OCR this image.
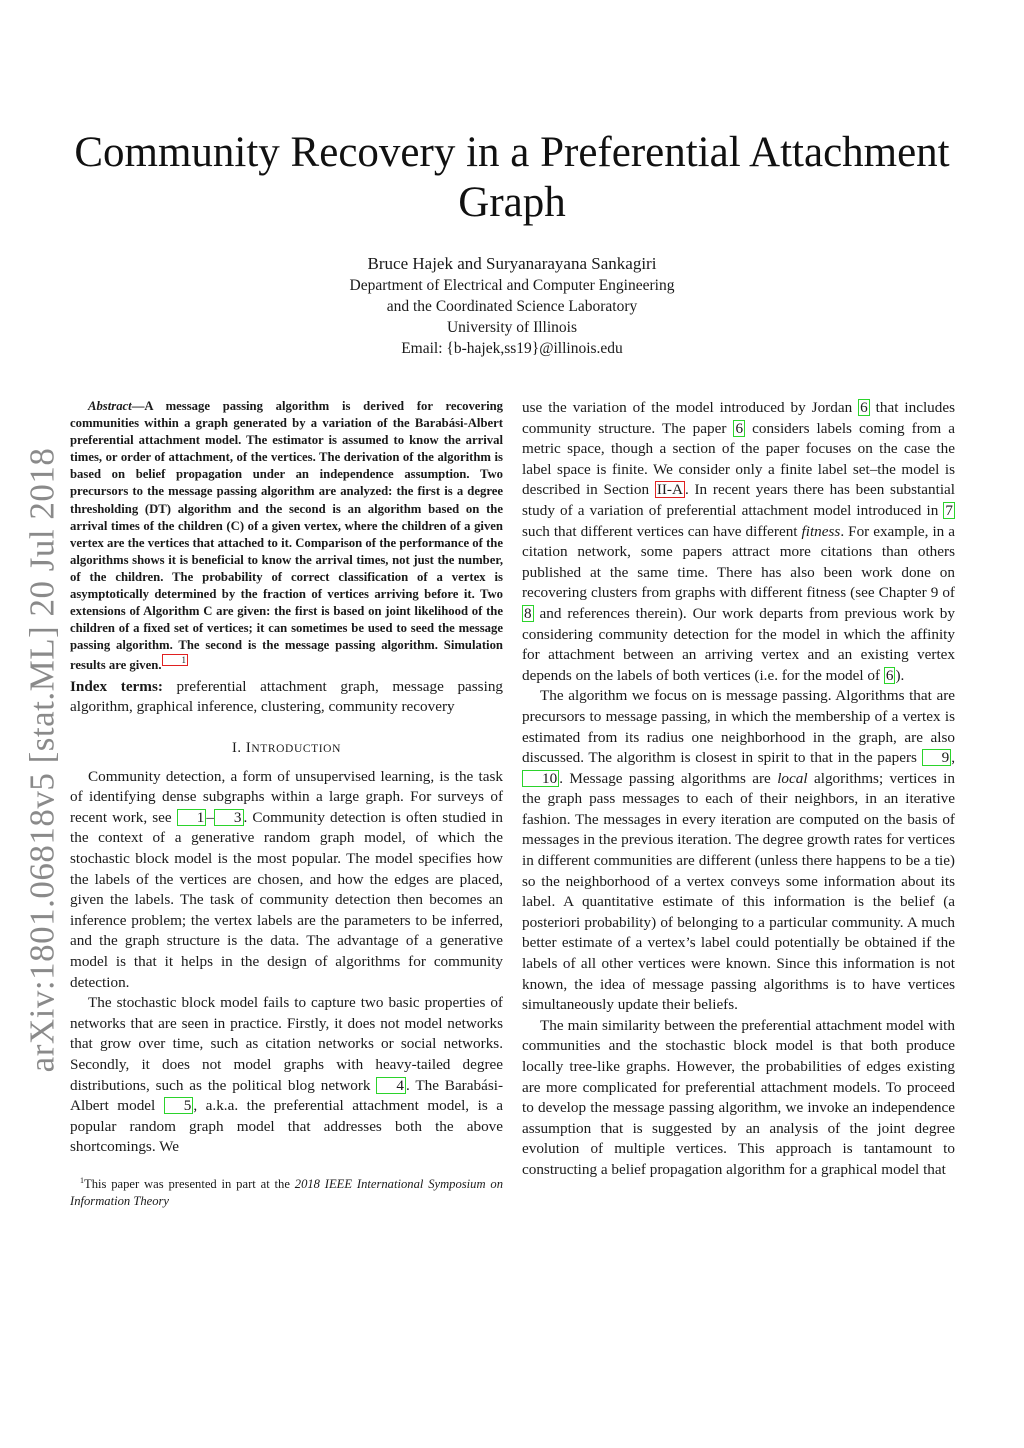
arXiv:1801.06818v5 [stat.ML] 20 Jul 2018
Community Recovery in a Preferential Attachment Graph
Bruce Hajek and Suryanarayana Sankagiri
Department of Electrical and Computer Engineering
and the Coordinated Science Laboratory
University of Illinois
Email: {b-hajek,ss19}@illinois.edu

Abstract—A message passing algorithm is derived for recovering communities within a graph generated by a variation of the Barabási-Albert preferential attachment model. The estimator is assumed to know the arrival times, or order of attachment, of the vertices. The derivation of the algorithm is based on belief propagation under an independence assumption. Two precursors to the message passing algorithm are analyzed: the first is a degree thresholding (DT) algorithm and the second is an algorithm based on the arrival times of the children (C) of a given vertex, where the children of a given vertex are the vertices that attached to it. Comparison of the performance of the algorithms shows it is beneficial to know the arrival times, not just the number, of the children. The probability of correct classification of a vertex is asymptotically determined by the fraction of vertices arriving before it. Two extensions of Algorithm C are given: the first is based on joint likelihood of the children of a fixed set of vertices; it can sometimes be used to seed the message passing algorithm. The second is the message passing algorithm. Simulation results are given. 1

Index terms: preferential attachment graph, message passing algorithm, graphical inference, clustering, community recovery

I. INTRODUCTION

Community detection, a form of unsupervised learning, is the task of identifying dense subgraphs within a large graph. For surveys of recent work, see 1 – 3 . Community detection is often studied in the context of a generative random graph model, of which the stochastic block model is the most popular. The model specifies how the labels of the vertices are chosen, and how the edges are placed, given the labels. The task of community detection then becomes an inference problem; the vertex labels are the parameters to be inferred, and the graph structure is the data. The advantage of a generative model is that it helps in the design of algorithms for community detection.

The stochastic block model fails to capture two basic properties of networks that are seen in practice. Firstly, it does not model networks that grow over time, such as citation networks or social networks. Secondly, it does not model graphs with heavy-tailed degree distributions, such as the political blog network 4 . The Barabási-Albert model 5 , a.k.a. the preferential attachment model, is a popular random graph model that addresses both the above shortcomings. We

$^1$This paper was presented in part at the 2018 IEEE International Symposium on Information Theory

use the variation of the model introduced by Jordan 6 that includes community structure. The paper 6 considers labels coming from a metric space, though a section of the paper focuses on the case the label space is finite. We consider only a finite label set–the model is described in Section II-A . In recent years there has been substantial study of a variation of preferential attachment model introduced in 7 such that different vertices can have different fitness. For example, in a citation network, some papers attract more citations than others published at the same time. There has also been work done on recovering clusters from graphs with different fitness (see Chapter 9 of 8 and references therein). Our work departs from previous work by considering community detection for the model in which the affinity for attachment between an arriving vertex and an existing vertex depends on the labels of both vertices (i.e. for the model of 6 ).

The algorithm we focus on is message passing. Algorithms that are precursors to message passing, in which the membership of a vertex is estimated from its radius one neighborhood in the graph, are also discussed. The algorithm is closest in spirit to that in the papers 9 , 10 . Message passing algorithms are local algorithms; vertices in the graph pass messages to each of their neighbors, in an iterative fashion. The messages in every iteration are computed on the basis of messages in the previous iteration. The degree growth rates for vertices in different communities are different (unless there happens to be a tie) so the neighborhood of a vertex conveys some information about its label. A quantitative estimate of this information is the belief (a posteriori probability) of belonging to a particular community. A much better estimate of a vertex’s label could potentially be obtained if the labels of all other vertices were known. Since this information is not known, the idea of message passing algorithms is to have vertices simultaneously update their beliefs.

The main similarity between the preferential attachment model with communities and the stochastic block model is that both produce locally tree-like graphs. However, the probabilities of edges existing are more complicated for preferential attachment models. To proceed to develop the message passing algorithm, we invoke an independence assumption that is suggested by an analysis of the joint degree evolution of multiple vertices. This approach is tantamount to constructing a belief propagation algorithm for a graphical model that
